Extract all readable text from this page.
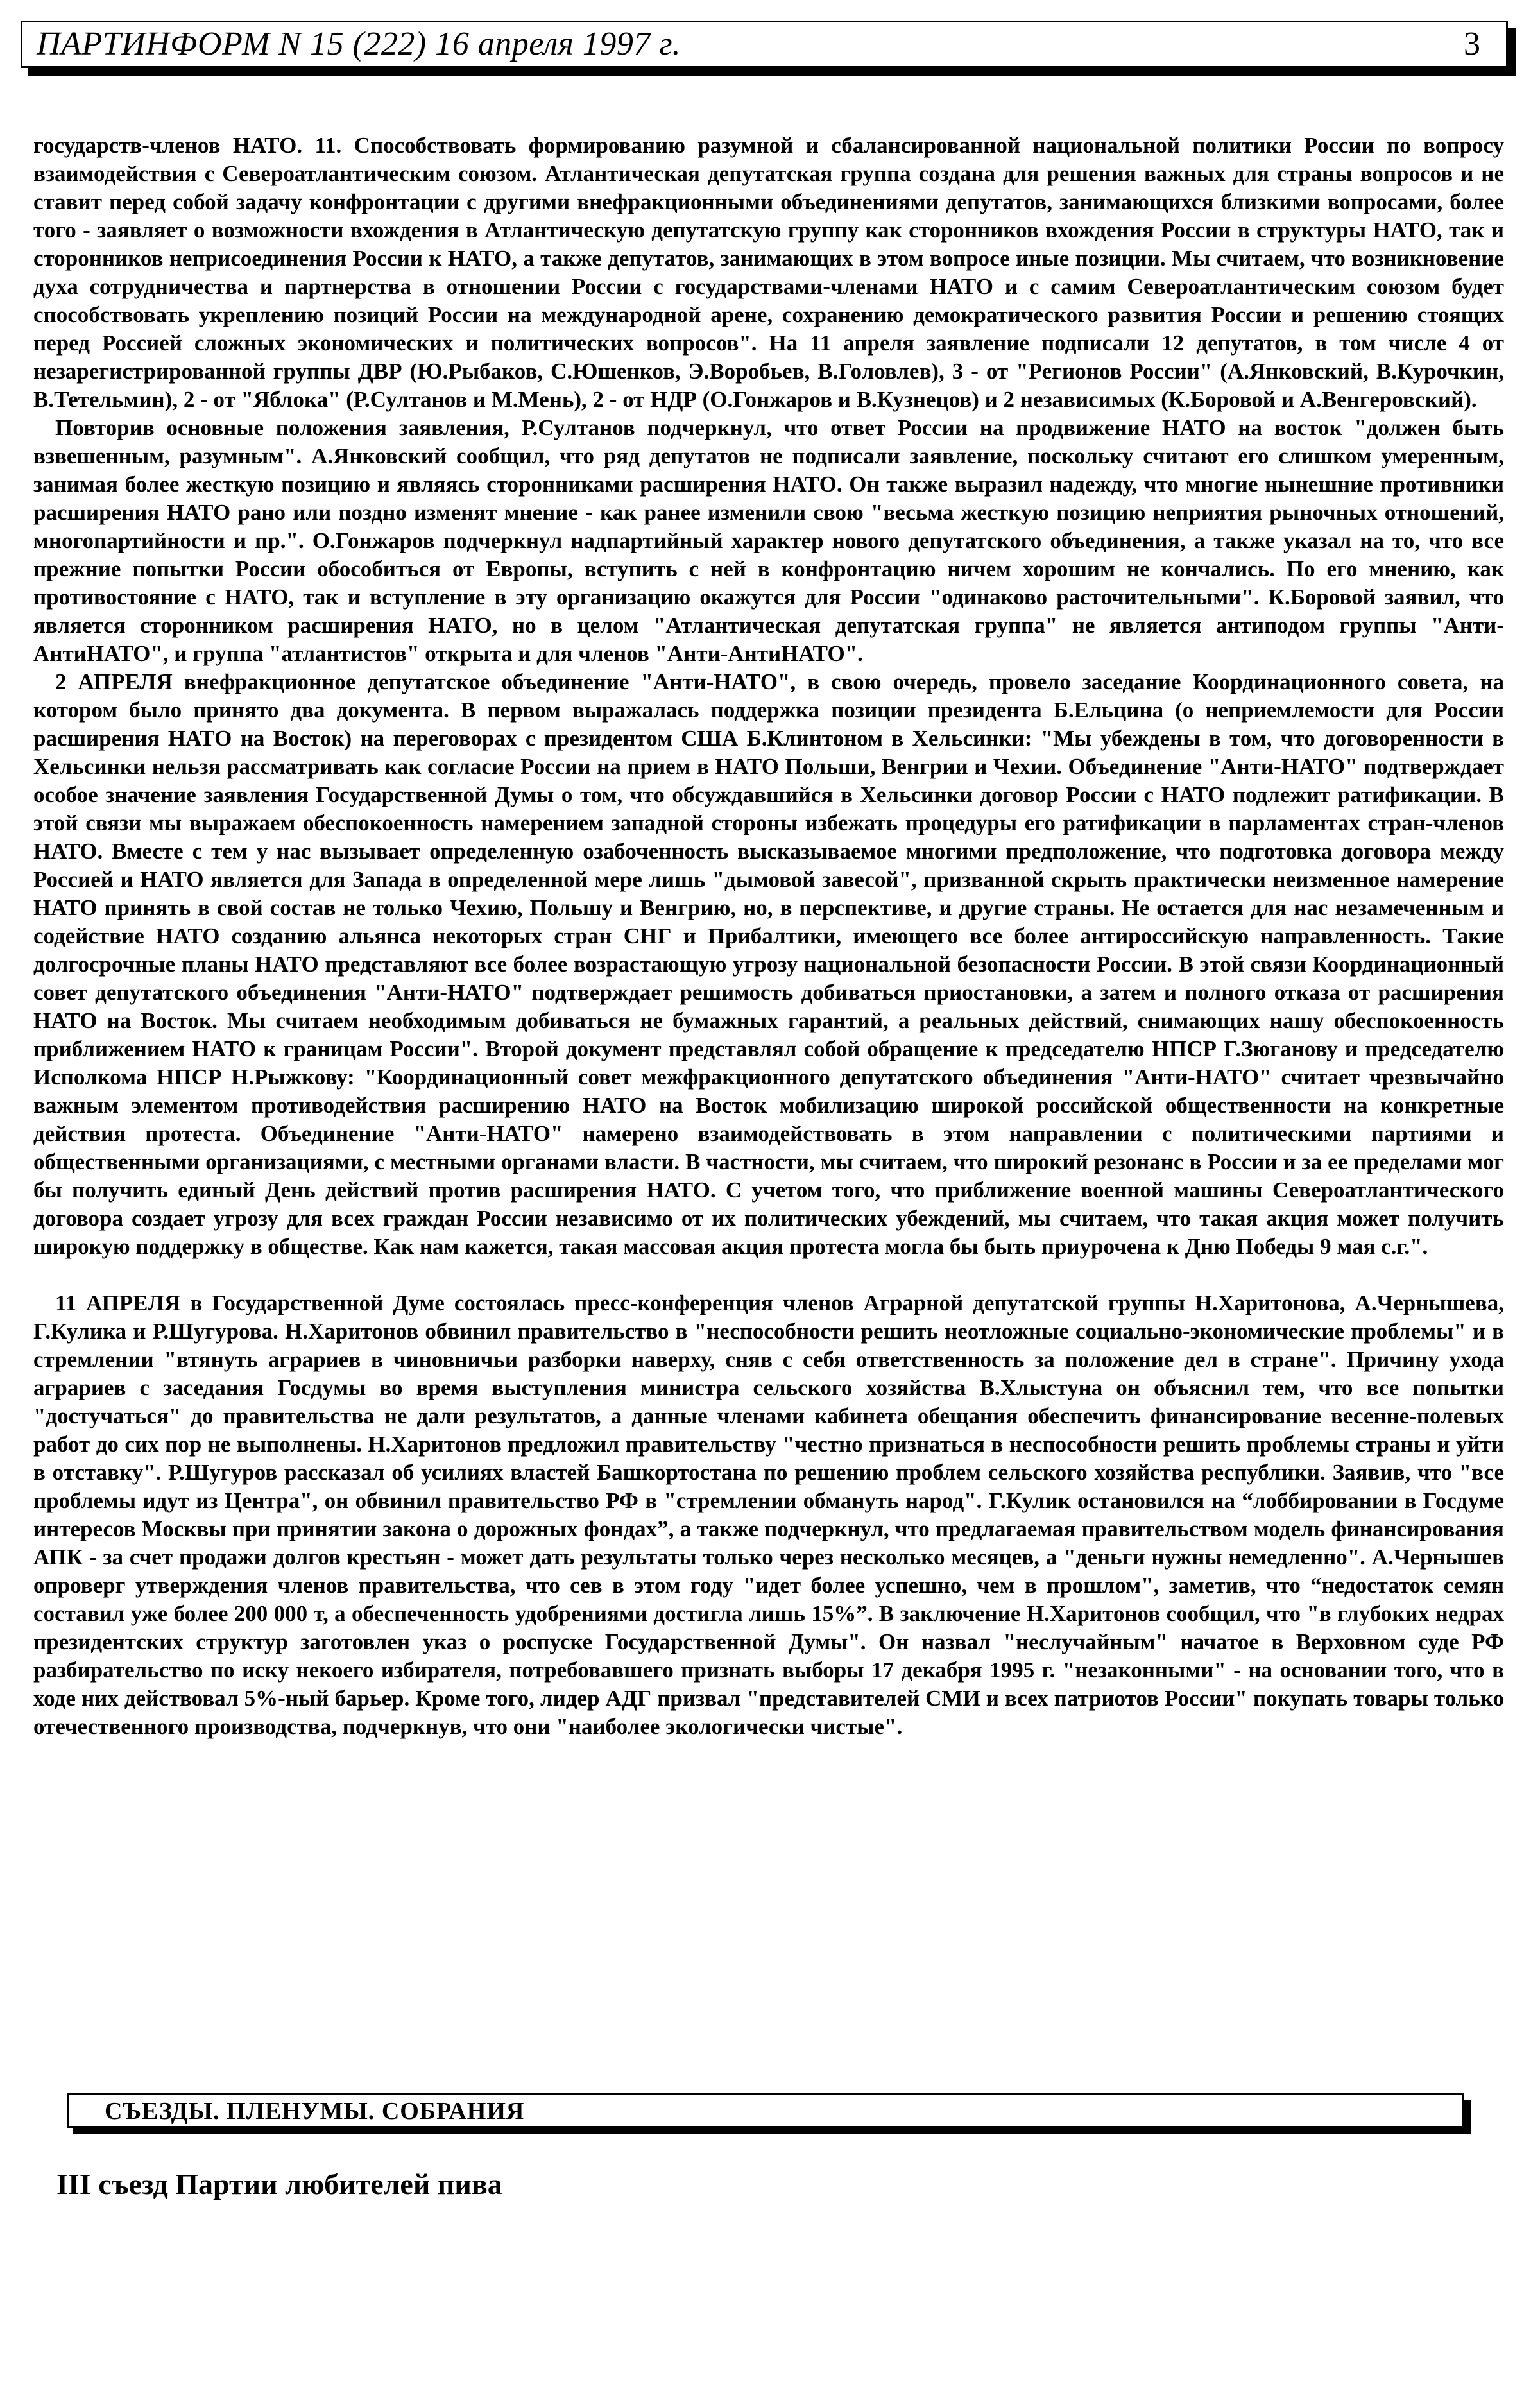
ПАРТИНФОРМ N 15 (222) 16 апреля 1997 г.	3

государств-членов НАТО. 11. Способствовать формированию разумной и сбалансированной национальной политики России по вопросу взаимодействия с Североатлантическим союзом. Атлантическая депутатская группа создана для решения важных для страны вопросов и не ставит перед собой задачу конфронтации с другими внефракционными объединениями депутатов, занимающихся близкими вопросами, более того - заявляет о возможности вхождения в Атлантическую депутатскую группу как сторонников вхождения России в структуры НАТО, так и сторонников неприсоединения России к НАТО, а также депутатов, занимающих в этом вопросе иные позиции. Мы считаем, что возникновение духа сотрудничества и партнерства в отношении России с государствами-членами НАТО и с самим Североатлантическим союзом будет способствовать укреплению позиций России на международной арене, сохранению демократического развития России и решению стоящих перед Россией сложных экономических и политических вопросов". На 11 апреля заявление подписали 12 депутатов, в том числе 4 от незарегистрированной группы ДВР (Ю.Рыбаков, С.Юшенков, Э.Воробьев, В.Головлев), 3 - от "Регионов России" (А.Янковский, В.Курочкин, В.Тетельмин), 2 - от "Яблока" (Р.Султанов и М.Мень), 2 - от НДР (О.Гонжаров и В.Кузнецов) и 2 независимых (К.Боровой и А.Венгеровский).

Повторив основные положения заявления, Р.Султанов подчеркнул, что ответ России на продвижение НАТО на восток "должен быть взвешенным, разумным". А.Янковский сообщил, что ряд депутатов не подписали заявление, поскольку считают его слишком умеренным, занимая более жесткую позицию и являясь сторонниками расширения НАТО. Он также выразил надежду, что многие нынешние противники расширения НАТО рано или поздно изменят мнение - как ранее изменили свою "весьма жесткую позицию неприятия рыночных отношений, многопартийности и пр.". О.Гонжаров подчеркнул надпартийный характер нового депутатского объединения, а также указал на то, что все прежние попытки России обособиться от Европы, вступить с ней в конфронтацию ничем хорошим не кончались. По его мнению, как противостояние с НАТО, так и вступление в эту организацию окажутся для России "одинаково расточительными". К.Боровой заявил, что является сторонником расширения НАТО, но в целом "Атлантическая депутатская группа" не является антиподом группы "Анти-АнтиНАТО", и группа "атлантистов" открыта и для членов "Анти-АнтиНАТО".

2 АПРЕЛЯ внефракционное депутатское объединение "Анти-НАТО", в свою очередь, провело заседание Координационного совета, на котором было принято два документа. В первом выражалась поддержка позиции президента Б.Ельцина (о неприемлемости для России расширения НАТО на Восток) на переговорах с президентом США Б.Клинтоном в Хельсинки: "Мы убеждены в том, что договоренности в Хельсинки нельзя рассматривать как согласие России на прием в НАТО Польши, Венгрии и Чехии. Объединение "Анти-НАТО" подтверждает особое значение заявления Государственной Думы о том, что обсуждавшийся в Хельсинки договор России с НАТО подлежит ратификации. В этой связи мы выражаем обеспокоенность намерением западной стороны избежать процедуры его ратификации в парламентах стран-членов НАТО. Вместе с тем у нас вызывает определенную озабоченность высказываемое многими предположение, что подготовка договора между Россией и НАТО является для Запада в определенной мере лишь "дымовой завесой", призванной скрыть практически неизменное намерение НАТО принять в свой состав не только Чехию, Польшу и Венгрию, но, в перспективе, и другие страны. Не остается для нас незамеченным и содействие НАТО созданию альянса некоторых стран СНГ и Прибалтики, имеющего все более антироссийскую направленность. Такие долгосрочные планы НАТО представляют все более возрастающую угрозу национальной безопасности России. В этой связи Координационный совет депутатского объединения "Анти-НАТО" подтверждает решимость добиваться приостановки, а затем и полного отказа от расширения НАТО на Восток. Мы считаем необходимым добиваться не бумажных гарантий, а реальных действий, снимающих нашу обеспокоенность приближением НАТО к границам России". Второй документ представлял собой обращение к председателю НПСР Г.Зюганову и председателю Исполкома НПСР Н.Рыжкову: "Координационный совет межфракционного депутатского объединения "Анти-НАТО" считает чрезвычайно важным элементом противодействия расширению НАТО на Восток мобилизацию широкой российской общественности на конкретные действия протеста. Объединение "Анти-НАТО" намерено взаимодействовать в этом направлении с политическими партиями и общественными организациями, с местными органами власти. В частности, мы считаем, что широкий резонанс в России и за ее пределами мог бы получить единый День действий против расширения НАТО. С учетом того, что приближение военной машины Североатлантического договора создает угрозу для всех граждан России независимо от их политических убеждений, мы считаем, что такая акция может получить широкую поддержку в обществе. Как нам кажется, такая массовая акция протеста могла бы быть приурочена к Дню Победы 9 мая с.г.".

11 АПРЕЛЯ в Государственной Думе состоялась пресс-конференция членов Аграрной депутатской группы Н.Харитонова, А.Чернышева, Г.Кулика и Р.Шугурова. Н.Харитонов обвинил правительство в "неспособности решить неотложные социально-экономические проблемы" и в стремлении "втянуть аграриев в чиновничьи разборки наверху, сняв с себя ответственность за положение дел в стране". Причину ухода аграриев с заседания Госдумы во время выступления министра сельского хозяйства В.Хлыстуна он объяснил тем, что все попытки "достучаться" до правительства не дали результатов, а данные членами кабинета обещания обеспечить финансирование весенне-полевых работ до сих пор не выполнены. Н.Харитонов предложил правительству "честно признаться в неспособности решить проблемы страны и уйти в отставку". Р.Шугуров рассказал об усилиях властей Башкортостана по решению проблем сельского хозяйства республики. Заявив, что "все проблемы идут из Центра", он обвинил правительство РФ в "стремлении обмануть народ". Г.Кулик остановился на “лоббировании в Госдуме интересов Москвы при принятии закона о дорожных фондах”, а также подчеркнул, что предлагаемая правительством модель финансирования АПК - за счет продажи долгов крестьян - может дать результаты только через несколько месяцев, а "деньги нужны немедленно". А.Чернышев опроверг утверждения членов правительства, что сев в этом году "идет более успешно, чем в прошлом", заметив, что “недостаток семян составил уже более 200 000 т, а обеспеченность удобрениями достигла лишь 15%”. В заключение Н.Харитонов сообщил, что "в глубоких недрах президентских структур заготовлен указ о роспуске Государственной Думы". Он назвал "неслучайным" начатое в Верховном суде РФ разбирательство по иску некоего избирателя, потребовавшего признать выборы 17 декабря 1995 г. "незаконными" - на основании того, что в ходе них действовал 5%-ный барьер. Кроме того, лидер АДГ призвал "представителей СМИ и всех патриотов России" покупать товары только отечественного производства, подчеркнув, что они "наиболее экологически чистые".

СЪЕЗДЫ. ПЛЕНУМЫ. СОБРАНИЯ
III съезд Партии любителей пива
